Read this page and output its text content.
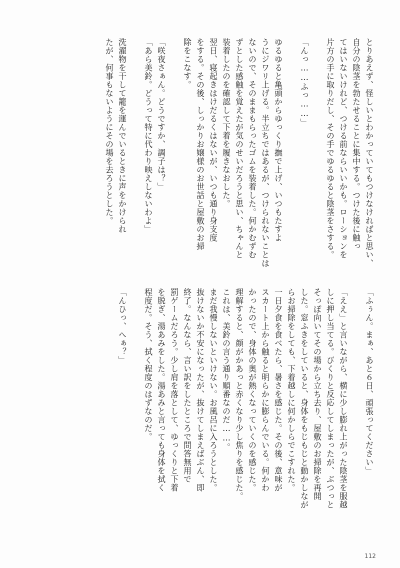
とりあえず、怪しいとわかっていてもつけなければと思い、
自分の陰茎を勃たせることに集中する。つけた後に触っ
てはいないけれど、つける前ならいいかも。ローションを
片方の手に取りだし、その手でゆるゆると陰茎をさする。

「んっ……ふっ……」

ゆるゆると亀頭からゆっくり撫で上げ、いつもたすよ
うにジワリ上げる。半立ちではあるが、つけられないことは
ないので、そのままもらったゴムを装着した。何かむずむ
ずとした感触を覚えたが気のせいだろうと思い、ちゃんと
装着したのを確認して下着を履きなおした。
翌日、寝起きはけだるくはないが、いつも通り身支度
をする。その後、しっかりお嬢様のお世話と屋敷のお掃
除をこなす。

「咲夜さぁん。どうですか、調子は？」
「あら美鈴。どうって特に代わり映えしないわよ」

洗濯物を干して籠を運んでいるときに声をかけられ
たが、何事もないようにその場を去ろうとした。
「ふぅん。まぁ、あと６日、頑張ってください」

「ええ」と言いながら、横に少し膨れ上がった陰茎を服越
しに押し当てる。びくりと反応してしまったが、ぶつっと
そっぽ向いてその場から立ち去り、屋敷のお掃除を再開
した。窓ふきをしていると、身体をもじもじと動かしなが
らお掃除をしても、下着越しに何かしらでこすれた。
一日夕食を食べたら、暑さを感じた。その後、意味が
スカート上から触ると明らかに膨らんでいる。何かわ
かったので、身体の奥が熱くなっていくのを感じた。
理解すると、顔がかあっと赤くなり少し焦りを感じた。
これは、美鈴の言う通り順番なのだ……。
まだ我慢しないといけない。お風呂に入ろうとした。
抜けないか不安になったが、抜けてしまえばぶん、即
終了。なんなら、言い訳をしたところで問答無用で
罰ゲームだろう。少し肩を落として、ゆっくりと下着
を脱ぎ、湯あみをした。湯あみと言っても身体を拭く
程度だ。そう、拭く程度のはずなのだ。

「んひっ、へぁ？」
112
